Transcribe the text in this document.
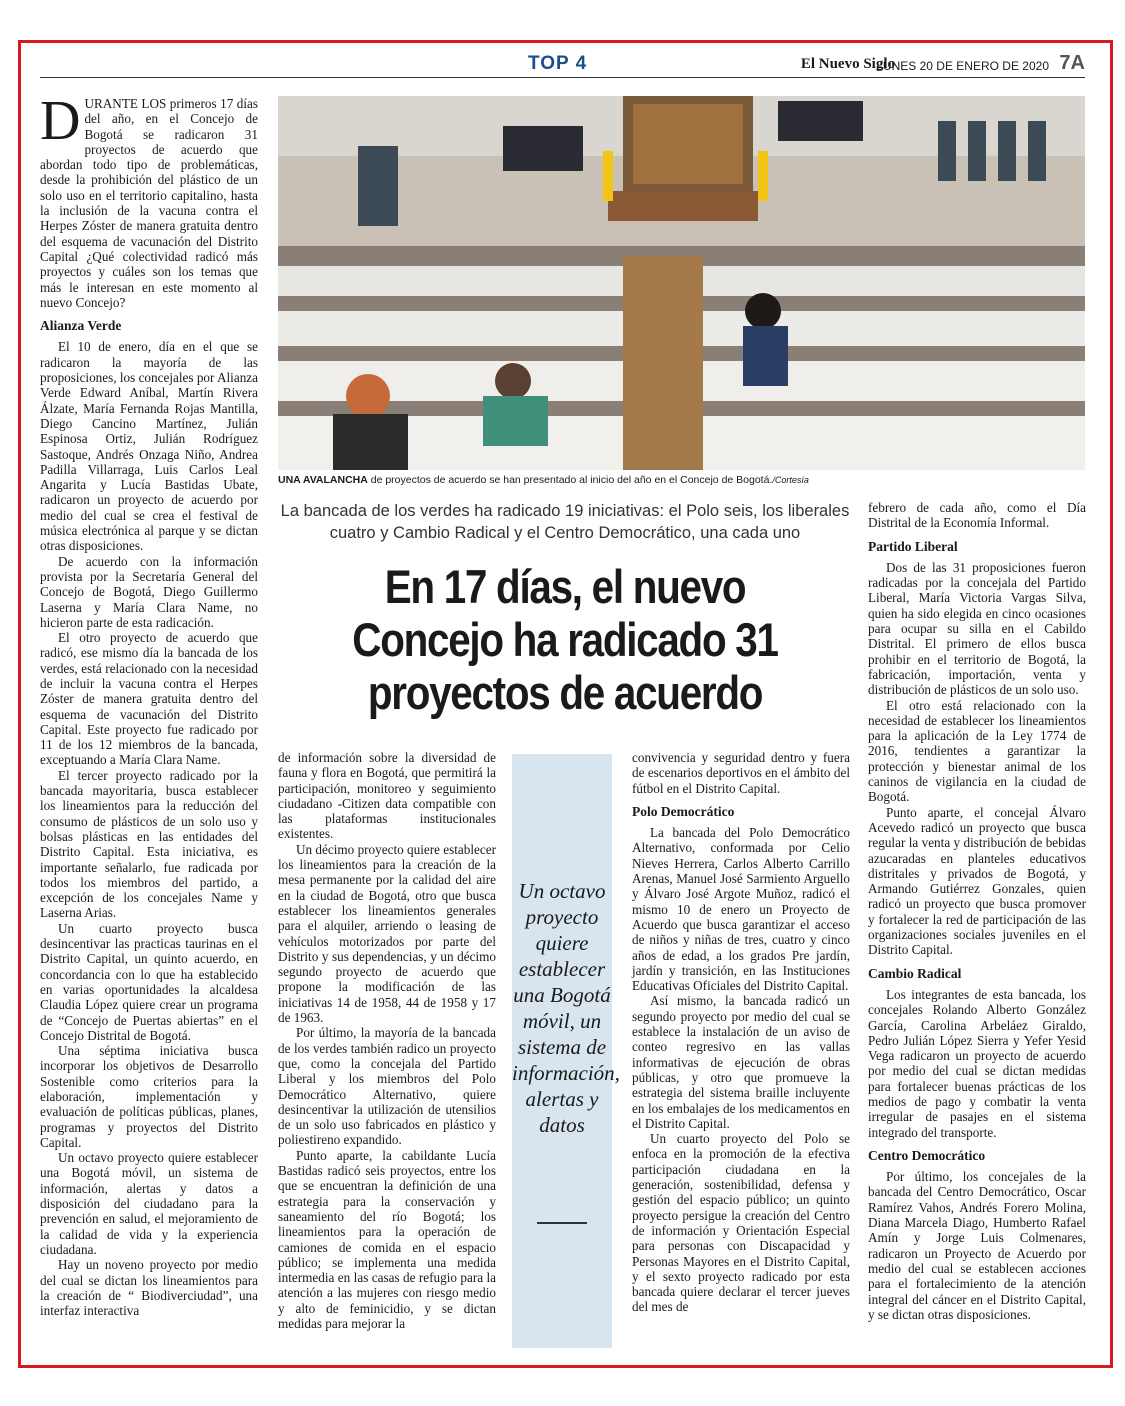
TOP 4	El Nuevo Siglo
LUNES 20 DE ENERO DE 2020 7A

DURANTE LOS primeros 17 días del año, en el Concejo de Bogotá se radicaron 31 proyectos de acuerdo que abordan todo tipo de problemáticas, desde la prohibición del plástico de un solo uso en el territorio capitalino, hasta la inclusión de la vacuna contra el Herpes Zóster de manera gratuita dentro del esquema de vacunación del Distrito Capital ¿Qué colectividad radicó más proyectos y cuáles son los temas que más le interesan en este momento al nuevo Concejo?

Alianza Verde

El 10 de enero, día en el que se radicaron la mayoría de las proposiciones, los concejales por Alianza Verde Edward Aníbal, Martín Rivera Álzate, María Fernanda Rojas Mantilla, Diego Cancino Martínez, Julián Espinosa Ortiz, Julián Rodríguez Sastoque, Andrés Onzaga Niño, Andrea Padilla Villarraga, Luis Carlos Leal Angarita y Lucía Bastidas Ubate, radicaron un proyecto de acuerdo por medio del cual se crea el festival de música electrónica al parque y se dictan otras disposiciones.

De acuerdo con la información provista por la Secretaría General del Concejo de Bogotá, Diego Guillermo Laserna y María Clara Name, no hicieron parte de esta radicación.

El otro proyecto de acuerdo que radicó, ese mismo día la bancada de los verdes, está relacionado con la necesidad de incluir la vacuna contra el Herpes Zóster de manera gratuita dentro del esquema de vacunación del Distrito Capital. Este proyecto fue radicado por 11 de los 12 miembros de la bancada, exceptuando a María Clara Name.

El tercer proyecto radicado por la bancada mayoritaria, busca establecer los lineamientos para la reducción del consumo de plásticos de un solo uso y bolsas plásticas en las entidades del Distrito Capital. Esta iniciativa, es importante señalarlo, fue radicada por todos los miembros del partido, a excepción de los concejales Name y Laserna Arias.

Un cuarto proyecto busca desincentivar las practicas taurinas en el Distrito Capital, un quinto acuerdo, en concordancia con lo que ha establecido en varias oportunidades la alcaldesa Claudia López quiere crear un programa de “Concejo de Puertas abiertas” en el Concejo Distrital de Bogotá.

Una séptima iniciativa busca incorporar los objetivos de Desarrollo Sostenible como criterios para la elaboración, implementación y evaluación de políticas públicas, planes, programas y proyectos del Distrito Capital.

Un octavo proyecto quiere establecer una Bogotá móvil, un sistema de información, alertas y datos a disposición del ciudadano para la prevención en salud, el mejoramiento de la calidad de vida y la experiencia ciudadana.

Hay un noveno proyecto por medio del cual se dictan los lineamientos para la creación de “ Biodiverciudad”, una interfaz interactiva

UNA AVALANCHA de proyectos de acuerdo se han presentado al inicio del año en el Concejo de Bogotá./Cortesía
La bancada de los verdes ha radicado 19 iniciativas: el Polo seis, los liberales cuatro y Cambio Radical y el Centro Democrático, una cada uno
En 17 días, el nuevo Concejo ha radicado 31 proyectos de acuerdo

de información sobre la diversidad de fauna y flora en Bogotá, que permitirá la participación, monitoreo y seguimiento ciudadano -Citizen data compatible con las plataformas institucionales existentes.

Un décimo proyecto quiere establecer los lineamientos para la creación de la mesa permanente por la calidad del aire en la ciudad de Bogotá, otro que busca establecer los lineamientos generales para el alquiler, arriendo o leasing de vehículos motorizados por parte del Distrito y sus dependencias, y un décimo segundo proyecto de acuerdo que propone la modificación de las iniciativas 14 de 1958, 44 de 1958 y 17 de 1963.

Por último, la mayoría de la bancada de los verdes también radico un proyecto que, como la concejala del Partido Liberal y los miembros del Polo Democrático Alternativo, quiere desincentivar la utilización de utensilios de un solo uso fabricados en plástico y poliestireno expandido.

Punto aparte, la cabildante Lucía Bastidas radicó seis proyectos, entre los que se encuentran la definición de una estrategia para la conservación y saneamiento del río Bogotá; los lineamientos para la operación de camiones de comida en el espacio público; se implementa una medida intermedia en las casas de refugio para la atención a las mujeres con riesgo medio y alto de feminicidio, y se dictan medidas para mejorar la

Un octavo proyecto quiere establecer una Bogotá móvil, un sistema de información, alertas y datos

convivencia y seguridad dentro y fuera de escenarios deportivos en el ámbito del fútbol en el Distrito Capital.

Polo Democrático

La bancada del Polo Democrático Alternativo, conformada por Celio Nieves Herrera, Carlos Alberto Carrillo Arenas, Manuel José Sarmiento Arguello y Álvaro José Argote Muñoz, radicó el mismo 10 de enero un Proyecto de Acuerdo que busca garantizar el acceso de niños y niñas de tres, cuatro y cinco años de edad, a los grados Pre jardín, jardín y transición, en las Instituciones Educativas Oficiales del Distrito Capital.

Así mismo, la bancada radicó un segundo proyecto por medio del cual se establece la instalación de un aviso de conteo regresivo en las vallas informativas de ejecución de obras públicas, y otro que promueve la estrategia del sistema braille incluyente en los embalajes de los medicamentos en el Distrito Capital.

Un cuarto proyecto del Polo se enfoca en la promoción de la efectiva participación ciudadana en la generación, sostenibilidad, defensa y gestión del espacio público; un quinto proyecto persigue la creación del Centro de información y Orientación Especial para personas con Discapacidad y Personas Mayores en el Distrito Capital, y el sexto proyecto radicado por esta bancada quiere declarar el tercer jueves del mes de

febrero de cada año, como el Día Distrital de la Economía Informal.

Partido Liberal

Dos de las 31 proposiciones fueron radicadas por la concejala del Partido Liberal, María Victoria Vargas Silva, quien ha sido elegida en cinco ocasiones para ocupar su silla en el Cabildo Distrital. El primero de ellos busca prohibir en el territorio de Bogotá, la fabricación, importación, venta y distribución de plásticos de un solo uso.

El otro está relacionado con la necesidad de establecer los lineamientos para la aplicación de la Ley 1774 de 2016, tendientes a garantizar la protección y bienestar animal de los caninos de vigilancia en la ciudad de Bogotá.

Punto aparte, el concejal Álvaro Acevedo radicó un proyecto que busca regular la venta y distribución de bebidas azucaradas en planteles educativos distritales y privados de Bogotá, y Armando Gutiérrez Gonzales, quien radicó un proyecto que busca promover y fortalecer la red de participación de las organizaciones sociales juveniles en el Distrito Capital.

Cambio Radical

Los integrantes de esta bancada, los concejales Rolando Alberto González García, Carolina Arbeláez Giraldo, Pedro Julián López Sierra y Yefer Yesid Vega radicaron un proyecto de acuerdo por medio del cual se dictan medidas para fortalecer buenas prácticas de los medios de pago y combatir la venta irregular de pasajes en el sistema integrado del transporte.

Centro Democrático

Por último, los concejales de la bancada del Centro Democrático, Oscar Ramírez Vahos, Andrés Forero Molina, Diana Marcela Diago, Humberto Rafael Amín y Jorge Luis Colmenares, radicaron un Proyecto de Acuerdo por medio del cual se establecen acciones para el fortalecimiento de la atención integral del cáncer en el Distrito Capital, y se dictan otras disposiciones.
